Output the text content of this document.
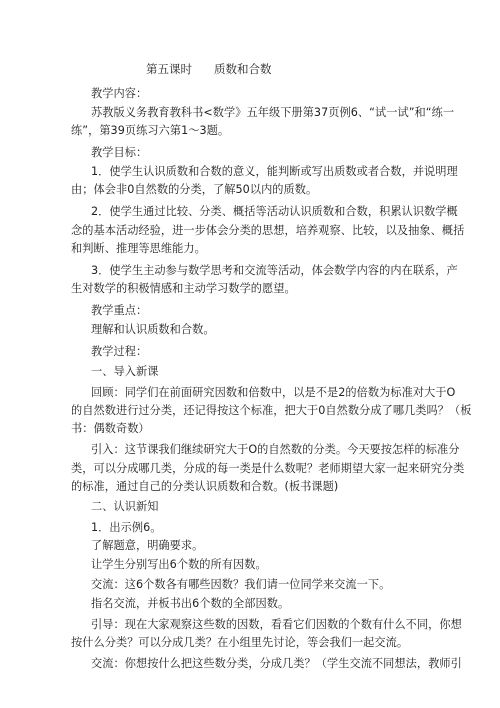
第五课时 质数和合数
教学内容：
苏教版义务教育教科书<数学》五年级下册第37页例6、“试一试”和“练一
练”，第39页练习六第1～3题。
教学目标：
1．使学生认识质数和合数的意义，能判断或写出质数或者合数，并说明理
由；体会非0自然数的分类，了解50以内的质数。
2．使学生通过比较、分类、概括等活动认识质数和合数，积累认识数学概
念的基本活动经验，进一步体会分类的思想，培养观察、比较，以及抽象、概括
和判断、推理等思维能力。
3．使学生主动参与数学思考和交流等活动，体会数学内容的内在联系，产
生对数学的积极情感和主动学习数学的愿望。
教学重点：
理解和认识质数和合数。
教学过程：
一、导入新课
回顾：同学们在前面研究因数和倍数中，以是不是2的倍数为标准对大于O
的自然数进行过分类，还记得按这个标准，把大于0自然数分成了哪几类吗？（板
书：偶数奇数）
引入：这节课我们继续研究大于O的自然数的分类。今天要按怎样的标准分
类，可以分成哪几类，分成的每一类是什么数呢？老师期望大家一起来研究分类
的标准，通过自己的分类认识质数和合数。(板书课题)
二、认识新知
1．出示例6。
了解题意，明确要求。
让学生分别写出6个数的所有因数。
交流：这6个数各有哪些因数？我们请一位同学来交流一下。
指名交流，并板书出6个数的全部因数。
引导：现在大家观察这些数的因数，看看它们因数的个数有什么不同，你想
按什么分类？可以分成几类？在小组里先讨论，等会我们一起交流。
交流：你想按什么把这些数分类，分成几类？（学生交流不同想法，教师引
